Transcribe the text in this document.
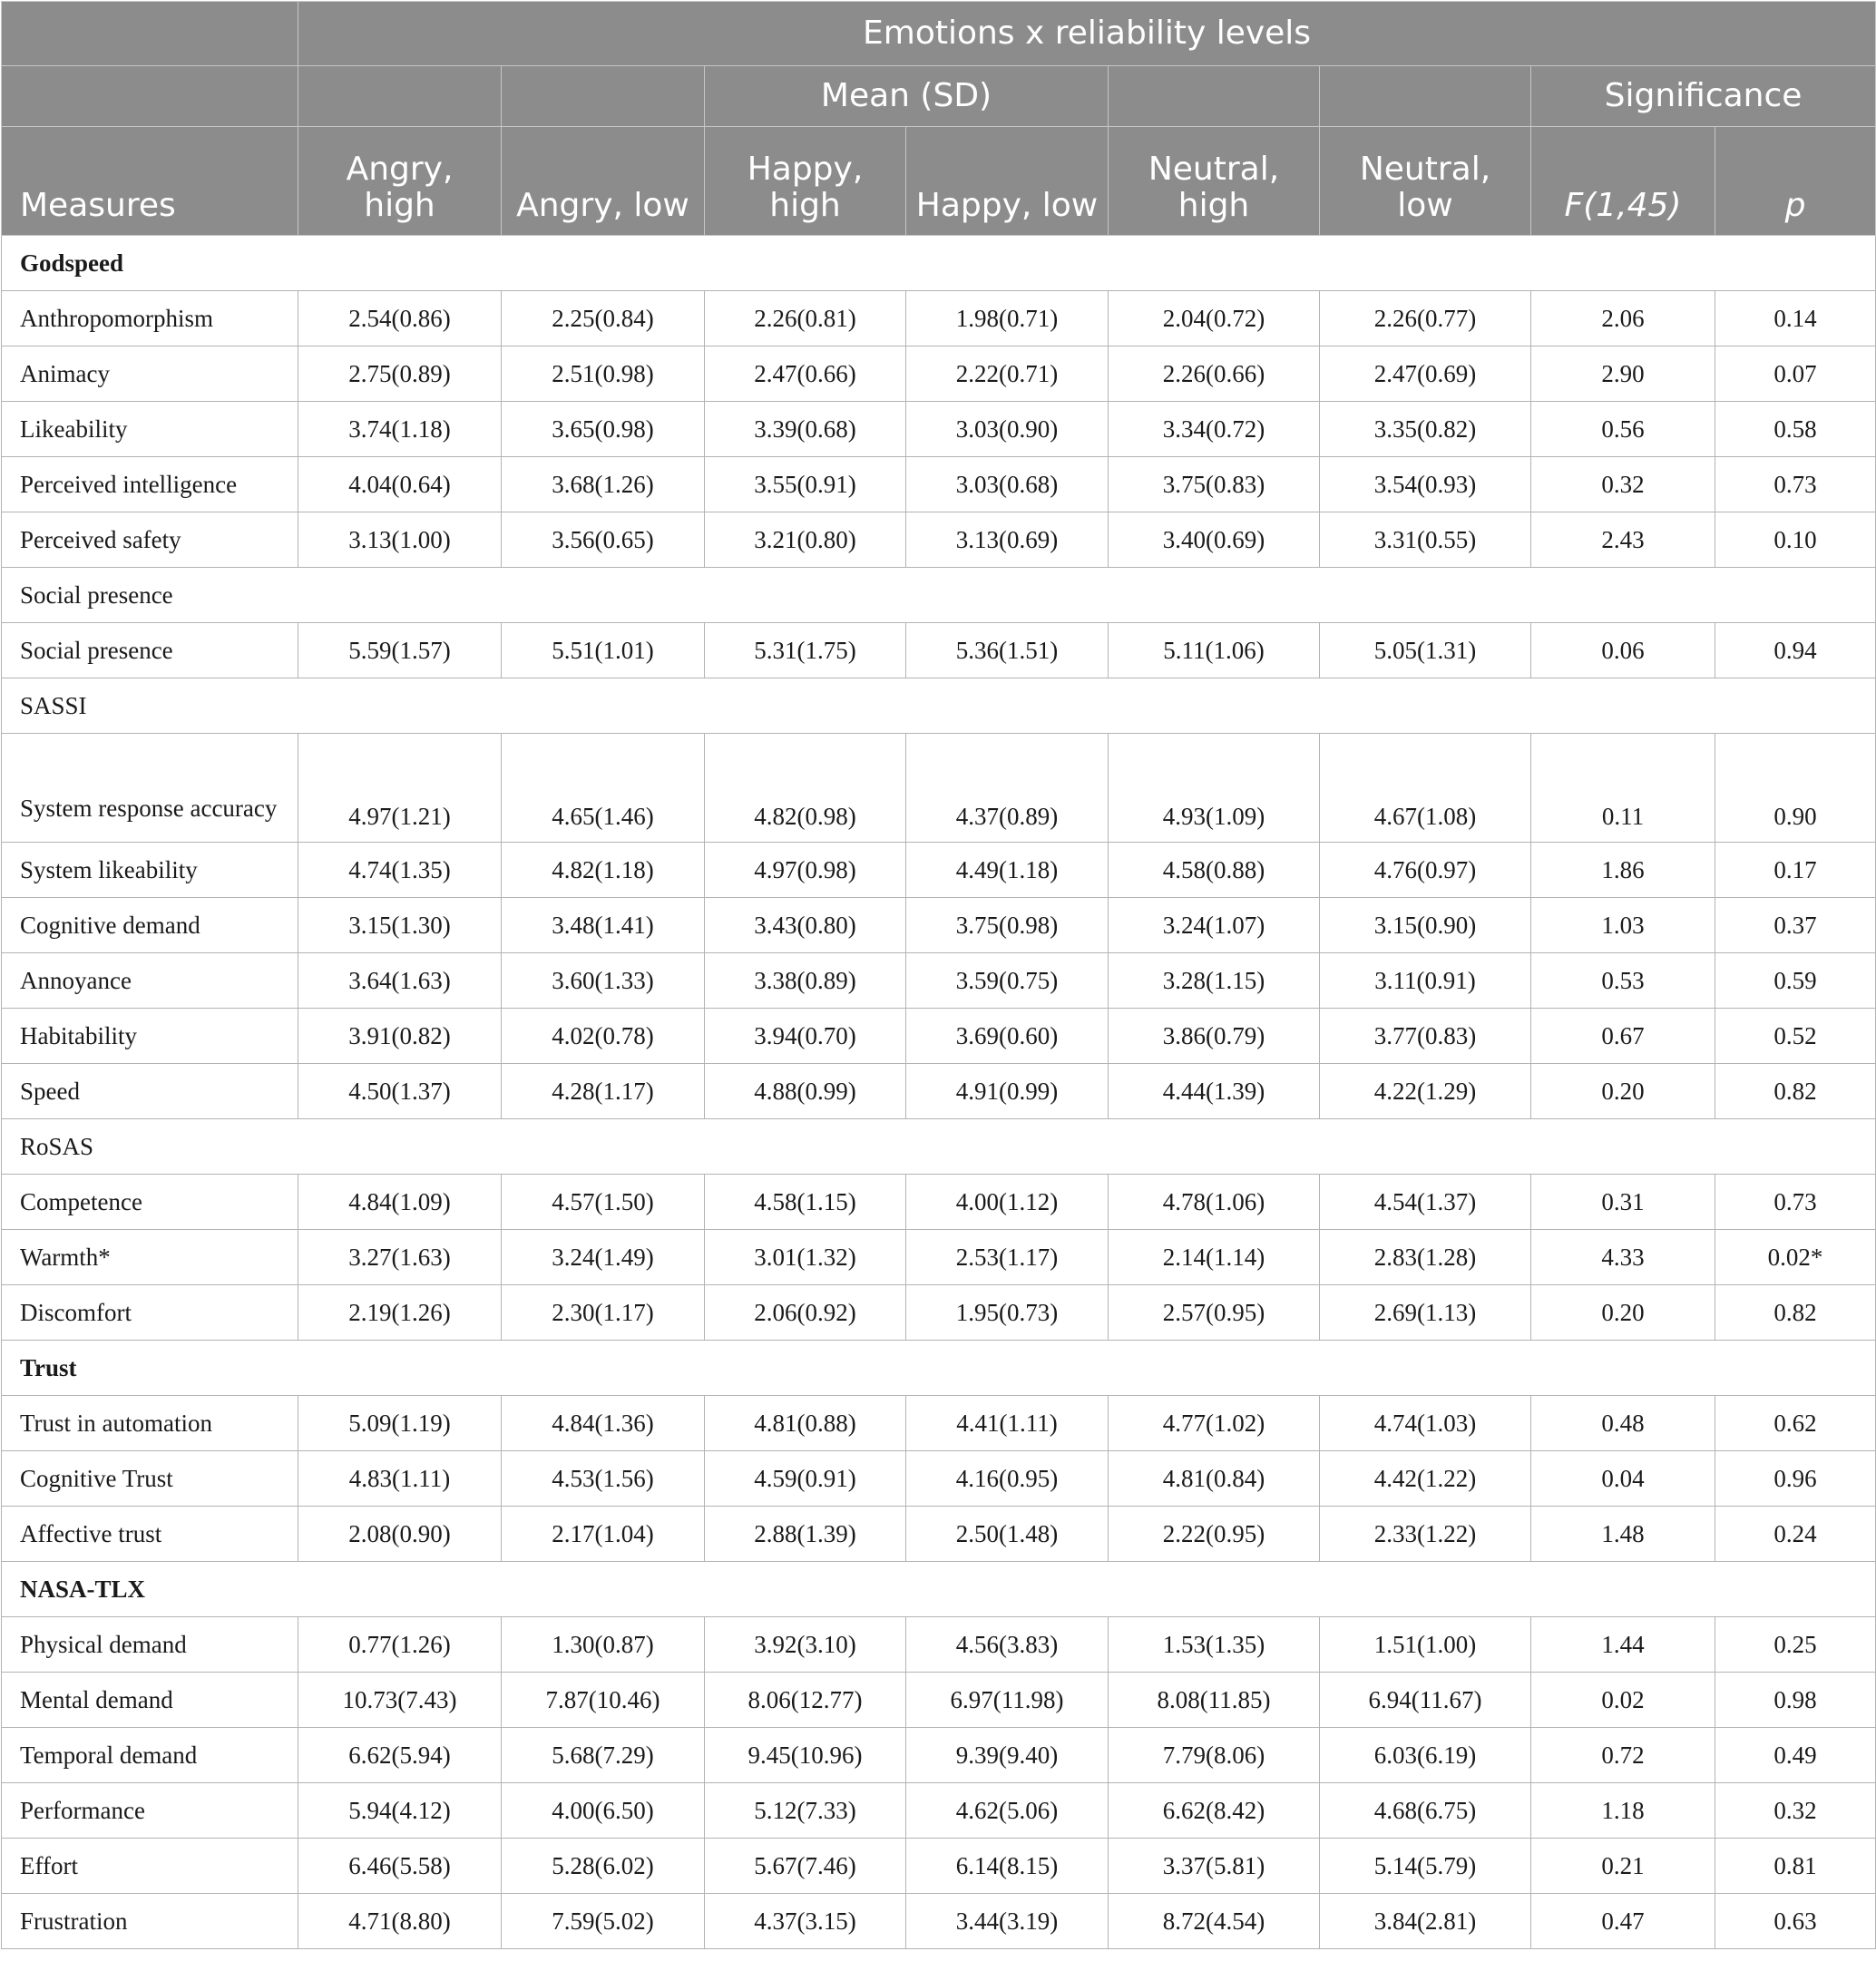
	Emotions x reliability levels							
			Mean (SD)				Significance	
Measures	Angry, high	Angry, low	Happy, high	Happy, low	Neutral, high	Neutral, low	F(1,45)	p
Godspeed								
Anthropomorphism	2.54(0.86)	2.25(0.84)	2.26(0.81)	1.98(0.71)	2.04(0.72)	2.26(0.77)	2.06	0.14
Animacy	2.75(0.89)	2.51(0.98)	2.47(0.66)	2.22(0.71)	2.26(0.66)	2.47(0.69)	2.90	0.07
Likeability	3.74(1.18)	3.65(0.98)	3.39(0.68)	3.03(0.90)	3.34(0.72)	3.35(0.82)	0.56	0.58
Perceived intelligence	4.04(0.64)	3.68(1.26)	3.55(0.91)	3.03(0.68)	3.75(0.83)	3.54(0.93)	0.32	0.73
Perceived safety	3.13(1.00)	3.56(0.65)	3.21(0.80)	3.13(0.69)	3.40(0.69)	3.31(0.55)	2.43	0.10
Social presence								
Social presence	5.59(1.57)	5.51(1.01)	5.31(1.75)	5.36(1.51)	5.11(1.06)	5.05(1.31)	0.06	0.94
SASSI								
System response accuracy	4.97(1.21)	4.65(1.46)	4.82(0.98)	4.37(0.89)	4.93(1.09)	4.67(1.08)	0.11	0.90
System likeability	4.74(1.35)	4.82(1.18)	4.97(0.98)	4.49(1.18)	4.58(0.88)	4.76(0.97)	1.86	0.17
Cognitive demand	3.15(1.30)	3.48(1.41)	3.43(0.80)	3.75(0.98)	3.24(1.07)	3.15(0.90)	1.03	0.37
Annoyance	3.64(1.63)	3.60(1.33)	3.38(0.89)	3.59(0.75)	3.28(1.15)	3.11(0.91)	0.53	0.59
Habitability	3.91(0.82)	4.02(0.78)	3.94(0.70)	3.69(0.60)	3.86(0.79)	3.77(0.83)	0.67	0.52
Speed	4.50(1.37)	4.28(1.17)	4.88(0.99)	4.91(0.99)	4.44(1.39)	4.22(1.29)	0.20	0.82
RoSAS								
Competence	4.84(1.09)	4.57(1.50)	4.58(1.15)	4.00(1.12)	4.78(1.06)	4.54(1.37)	0.31	0.73
Warmth*	3.27(1.63)	3.24(1.49)	3.01(1.32)	2.53(1.17)	2.14(1.14)	2.83(1.28)	4.33	0.02*
Discomfort	2.19(1.26)	2.30(1.17)	2.06(0.92)	1.95(0.73)	2.57(0.95)	2.69(1.13)	0.20	0.82
Trust								
Trust in automation	5.09(1.19)	4.84(1.36)	4.81(0.88)	4.41(1.11)	4.77(1.02)	4.74(1.03)	0.48	0.62
Cognitive Trust	4.83(1.11)	4.53(1.56)	4.59(0.91)	4.16(0.95)	4.81(0.84)	4.42(1.22)	0.04	0.96
Affective trust	2.08(0.90)	2.17(1.04)	2.88(1.39)	2.50(1.48)	2.22(0.95)	2.33(1.22)	1.48	0.24
NASA-TLX								
Physical demand	0.77(1.26)	1.30(0.87)	3.92(3.10)	4.56(3.83)	1.53(1.35)	1.51(1.00)	1.44	0.25
Mental demand	10.73(7.43)	7.87(10.46)	8.06(12.77)	6.97(11.98)	8.08(11.85)	6.94(11.67)	0.02	0.98
Temporal demand	6.62(5.94)	5.68(7.29)	9.45(10.96)	9.39(9.40)	7.79(8.06)	6.03(6.19)	0.72	0.49
Performance	5.94(4.12)	4.00(6.50)	5.12(7.33)	4.62(5.06)	6.62(8.42)	4.68(6.75)	1.18	0.32
Effort	6.46(5.58)	5.28(6.02)	5.67(7.46)	6.14(8.15)	3.37(5.81)	5.14(5.79)	0.21	0.81
Frustration	4.71(8.80)	7.59(5.02)	4.37(3.15)	3.44(3.19)	8.72(4.54)	3.84(2.81)	0.47	0.63
